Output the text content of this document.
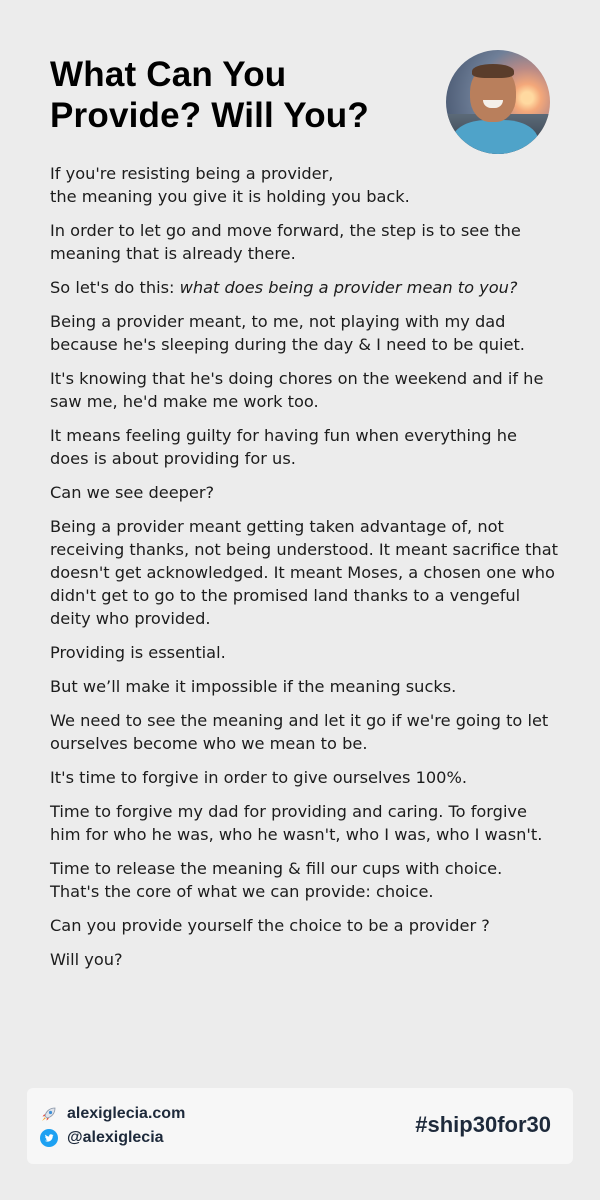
What Can You Provide? Will You?

If you're resisting being a provider,
the meaning you give it is holding you back.

In order to let go and move forward, the step is to see the meaning that is already there.

So let's do this: what does being a provider mean to you?

Being a provider meant, to me, not playing with my dad because he's sleeping during the day & I need to be quiet.

It's knowing that he's doing chores on the weekend and if he saw me, he'd make me work too.

It means feeling guilty for having fun when everything he does is about providing for us.

Can we see deeper?

Being a provider meant getting taken advantage of, not receiving thanks, not being understood. It meant sacrifice that doesn't get acknowledged. It meant Moses, a chosen one who didn't get to go to the promised land thanks to a vengeful deity who provided.

Providing is essential.

But we’ll make it impossible if the meaning sucks.

We need to see the meaning and let it go if we're going to let ourselves become who we mean to be.

It's time to forgive in order to give ourselves 100%.

Time to forgive my dad for providing and caring. To forgive him for who he was, who he wasn't, who I was, who I wasn't.

Time to release the meaning & fill our cups with choice.
That's the core of what we can provide: choice.

Can you provide yourself the choice to be a provider ?

Will you?

alexiglecia.com
@alexiglecia
#ship30for30
